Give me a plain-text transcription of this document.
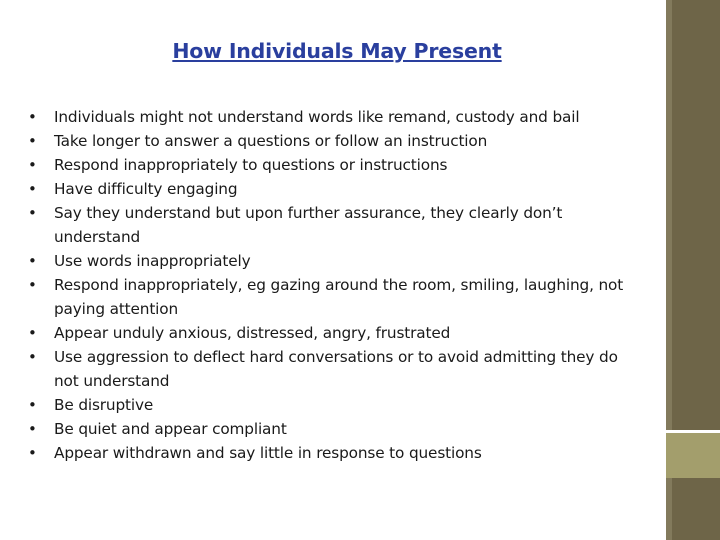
How Individuals May Present
• Individuals might not understand words like remand, custody and bail
• Take longer to answer a questions or follow an instruction
• Respond inappropriately to questions or instructions
• Have difficulty engaging
• Say they understand but upon further assurance, they clearly don’t understand
• Use words inappropriately
• Respond inappropriately, eg gazing around the room, smiling, laughing, not paying attention
• Appear unduly anxious, distressed, angry, frustrated
• Use aggression to deflect hard conversations or to avoid admitting they do not understand
• Be disruptive
• Be quiet and appear compliant
• Appear withdrawn and say little in response to questions
